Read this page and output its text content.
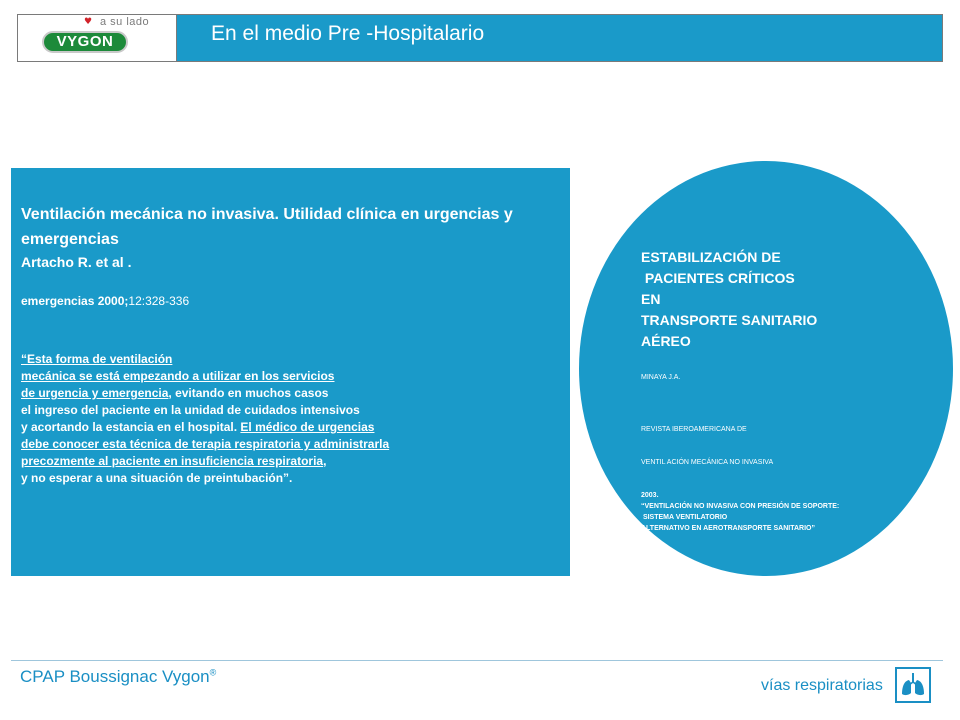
♥ a su lado
VYGON	En el medio Pre -Hospitalario
Ventilación mecánica no invasiva. Utilidad clínica en urgencias y emergencias
Artacho R. et al .
emergencias 2000;12:328-336
“Esta forma de ventilación
mecánica se está empezando a utilizar en los servicios
de urgencia y emergencia, evitando en muchos casos
el ingreso del paciente en la unidad de cuidados intensivos
y acortando la estancia en el hospital. El médico de urgencias
debe conocer esta técnica de terapia respiratoria y administrarla
precozmente al paciente en insuficiencia respiratoria,
y no esperar a una situación de preintubación”.
ESTABILIZACIÓN DE
PACIENTES CRÍTICOS
EN
TRANSPORTE SANITARIO
AÉREO
MINAYA J.A.

REVISTA IBEROAMERICANA DE

VENTIL ACIÓN MECÁNICA NO INVASIVA

2003.
“VENTILACIÓN NO INVASIVA CON PRESIÓN DE SOPORTE:
SISTEMA VENTILATORIO
ALTERNATIVO EN AEROTRANSPORTE SANITARIO”

CPAP Boussignac Vygon®
vías respiratorias
